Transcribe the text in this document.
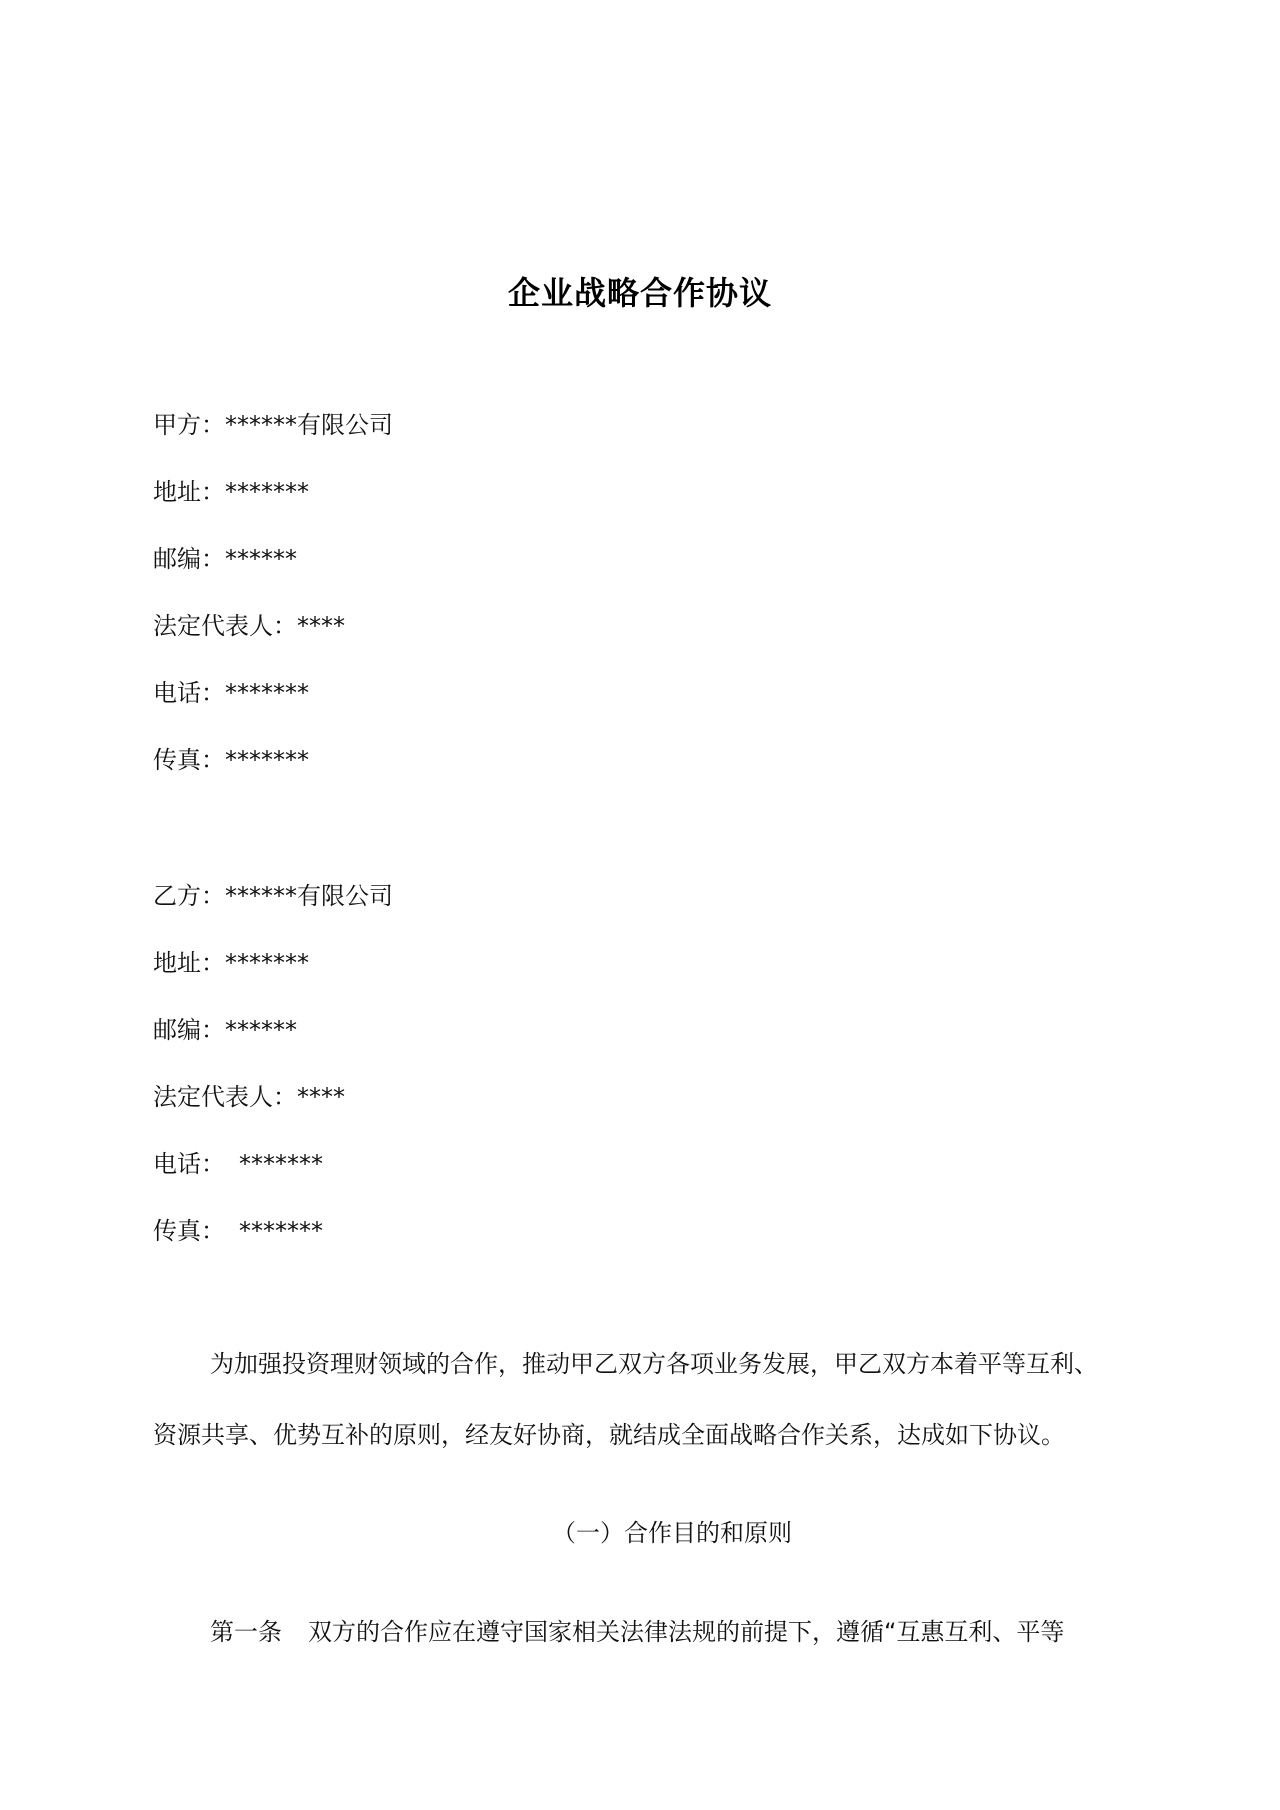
企业战略合作协议
甲方：******有限公司
地址：*******
邮编：******
法定代表人：****
电话：*******
传真：*******
乙方：******有限公司
地址：*******
邮编：******
法定代表人：****
电话： *******
传真： *******
为加强投资理财领域的合作，推动甲乙双方各项业务发展，甲乙双方本着平等互利、
资源共享、优势互补的原则，经友好协商，就结成全面战略合作关系，达成如下协议。
（一）合作目的和原则
第一条 双方的合作应在遵守国家相关法律法规的前提下，遵循“互惠互利、平等
